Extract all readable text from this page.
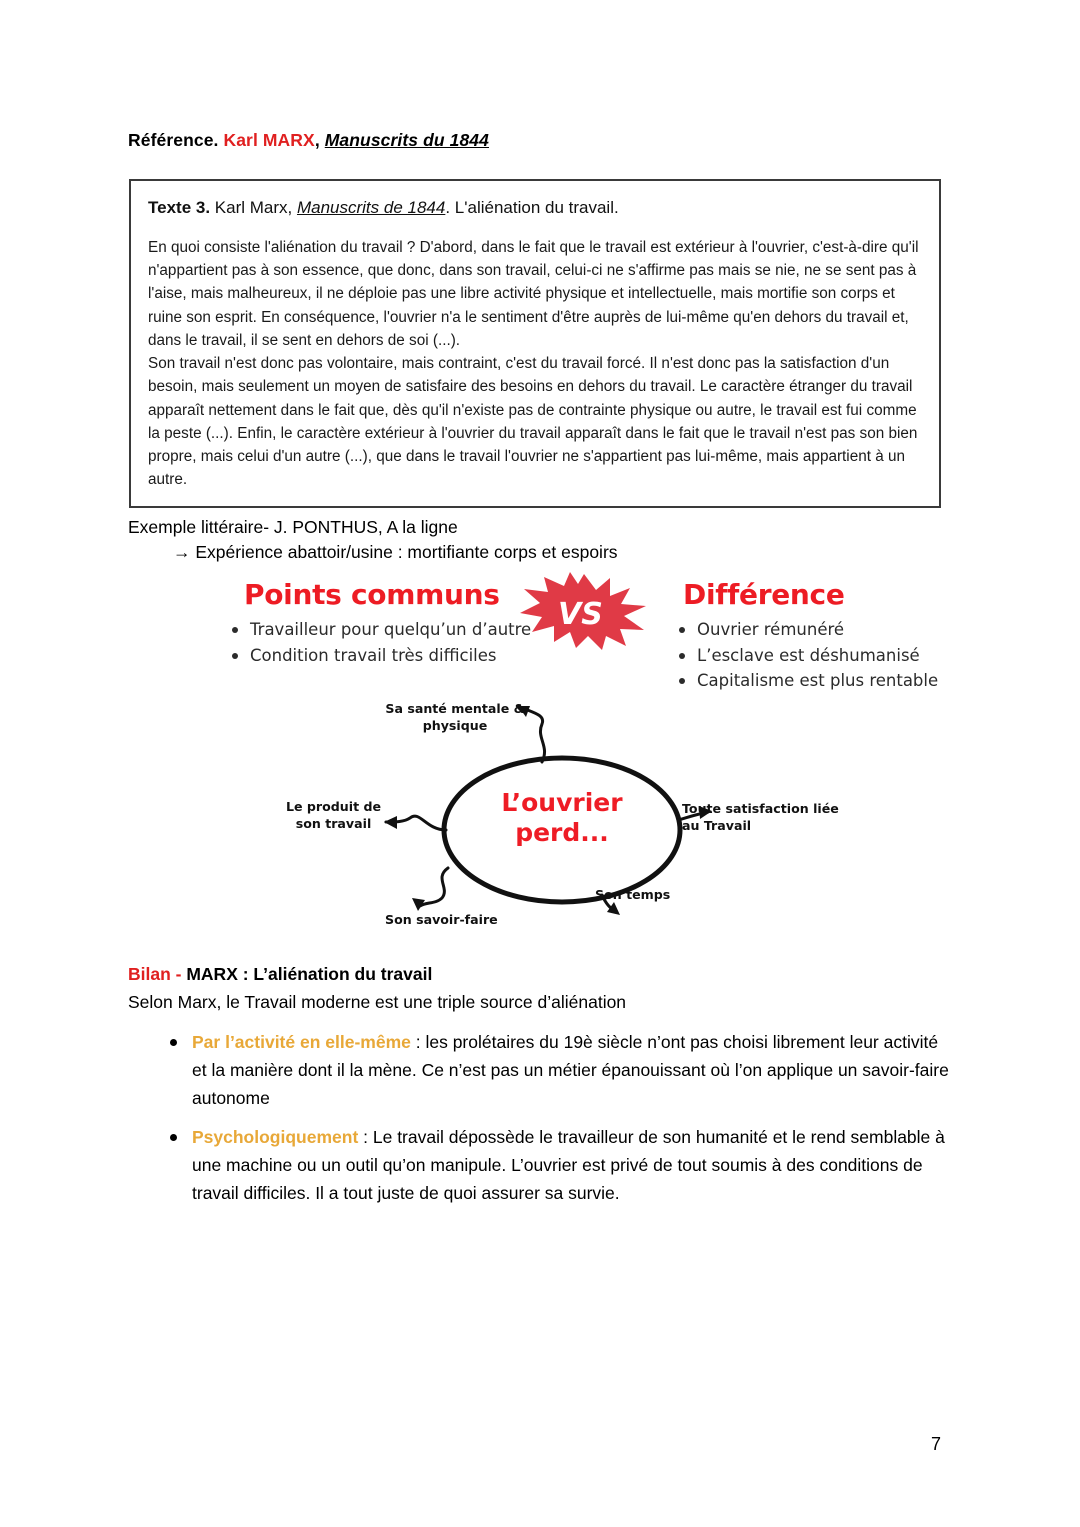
Référence. Karl MARX, Manuscrits du 1844
Texte 3. Karl Marx, Manuscrits de 1844. L'aliénation du travail.

En quoi consiste l'aliénation du travail ? D'abord, dans le fait que le travail est extérieur à l'ouvrier, c'est-à-dire qu'il n'appartient pas à son essence, que donc, dans son travail, celui-ci ne s'affirme pas mais se nie, ne se sent pas à l'aise, mais malheureux, il ne déploie pas une libre activité physique et intellectuelle, mais mortifie son corps et ruine son esprit. En conséquence, l'ouvrier n'a le sentiment d'être auprès de lui-même qu'en dehors du travail et, dans le travail, il se sent en dehors de soi (...).

Son travail n'est donc pas volontaire, mais contraint, c'est du travail forcé. Il n'est donc pas la satisfaction d'un besoin, mais seulement un moyen de satisfaire des besoins en dehors du travail. Le caractère étranger du travail apparaît nettement dans le fait que, dès qu'il n'existe pas de contrainte physique ou autre, le travail est fui comme la peste (...). Enfin, le caractère extérieur à l'ouvrier du travail apparaît dans le fait que le travail n'est pas son bien propre, mais celui d'un autre (...), que dans le travail l'ouvrier ne s'appartient pas lui-même, mais appartient à un autre.

Exemple littéraire- J. PONTHUS, A la ligne
→ Expérience abattoir/usine : mortifiante corps et espoirs
Points communs
Travailleur pour quelqu’un d’autre
Condition travail très difficiles
VS
Différence
Ouvrier rémunéré
L’esclave est déshumanisé
Capitalisme est plus rentable
L’ouvrier
perd...
Sa santé mentale & physique
Le produit de son travail
Toute satisfaction liée au Travail
Son temps
Son savoir-faire
Bilan - MARX : L’aliénation du travail
Selon Marx, le Travail moderne est une triple source d’aliénation
Par l’activité en elle-même : les prolétaires du 19è siècle n’ont pas choisi librement leur activité et la manière dont il la mène. Ce n’est pas un métier épanouissant où l’on applique un savoir-faire autonome
Psychologiquement : Le travail dépossède le travailleur de son humanité et le rend semblable à une machine ou un outil qu’on manipule. L’ouvrier est privé de tout soumis à des conditions de travail difficiles. Il a tout juste de quoi assurer sa survie.
7
